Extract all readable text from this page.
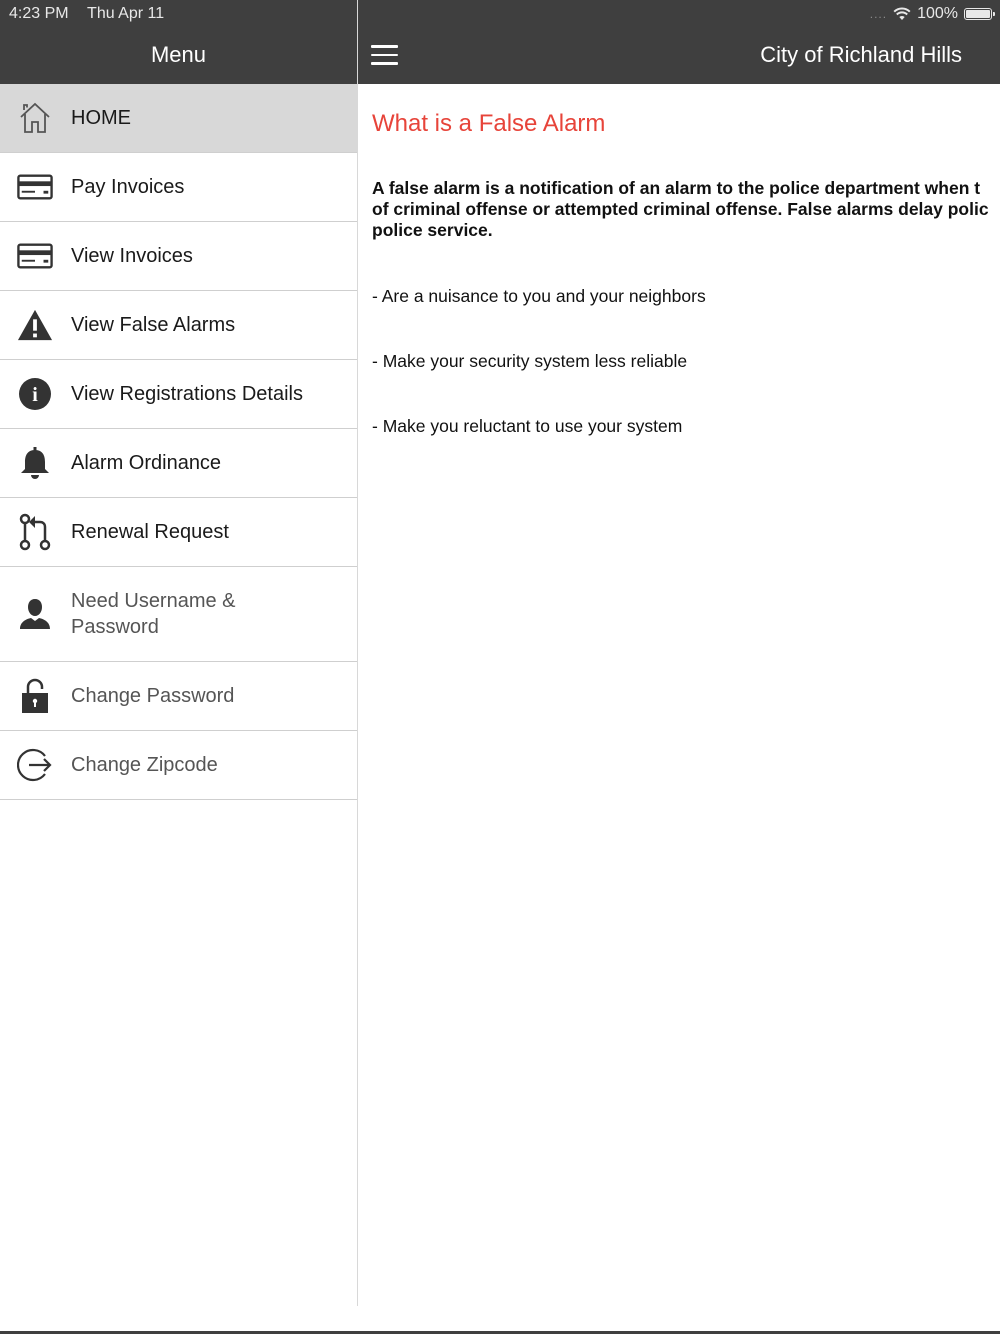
4:23 PM Thu Apr 11	.... 100%
Menu
HOME
Pay Invoices
View Invoices
View False Alarms
i View Registrations Details
Alarm Ordinance
Renewal Request
Need Username & Password
Change Password
Change Zipcode
City of Richland Hills
What is a False Alarm

A false alarm is a notification of an alarm to the police department when t
of criminal offense or attempted criminal offense. False alarms delay polic
police service.

- Are a nuisance to you and your neighbors

- Make your security system less reliable

- Make you reluctant to use your system
